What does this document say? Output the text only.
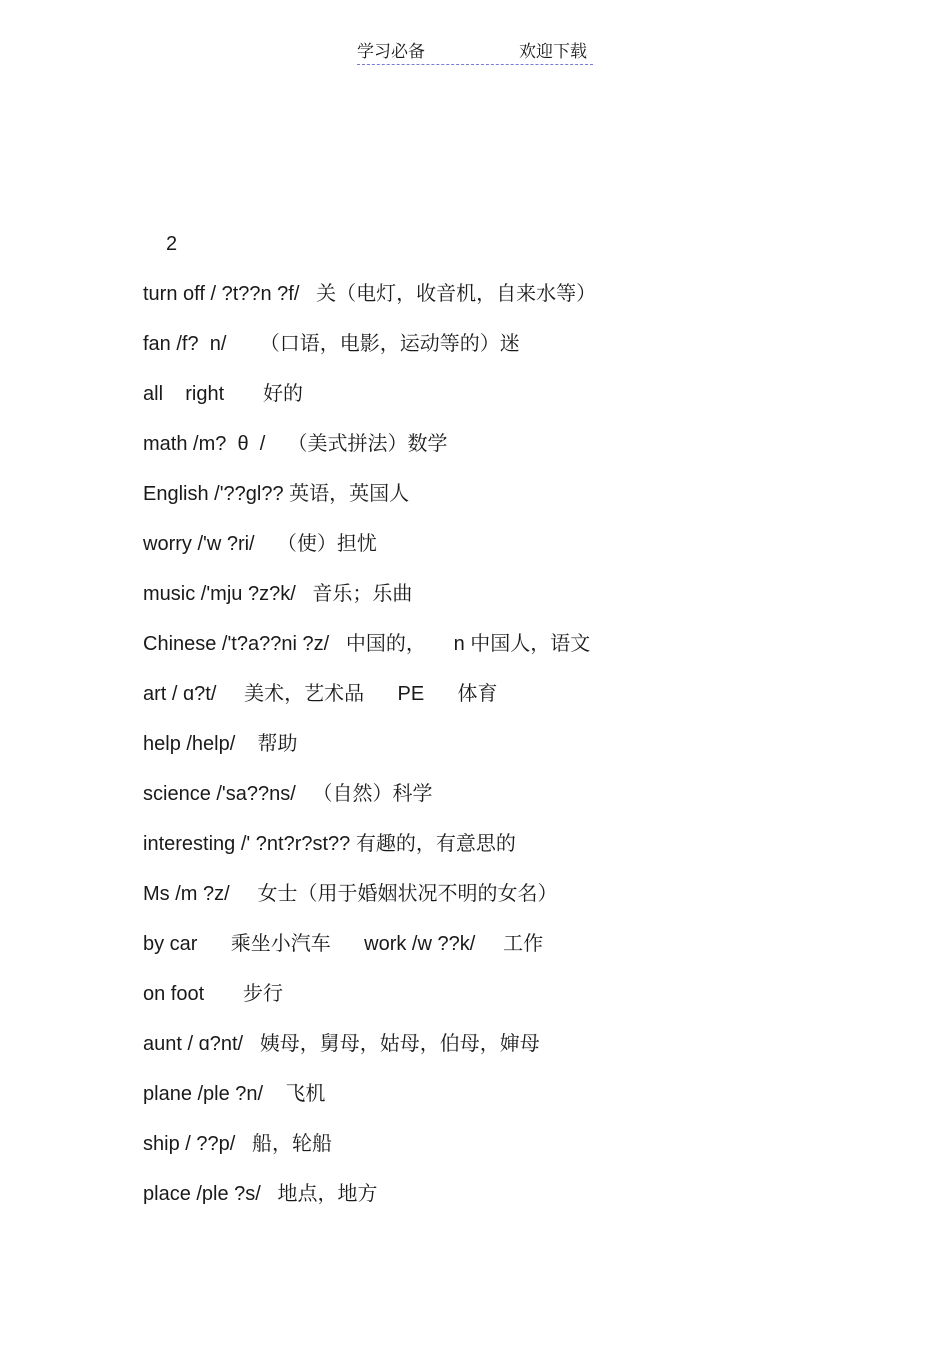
学习必备	欢迎下载
2
turn off / ?t??n ?f/   关（电灯，收音机，自来水等）
fan /f?  n/      （口语，电影，运动等的）迷
all    right       好的
math /m?  θ  /    （美式拼法）数学
English /'??gl?? 英语，英国人
worry /'w ?ri/    （使）担忧
music /'mju ?z?k/   音乐；乐曲
Chinese /'t?a??ni ?z/   中国的，     n 中国人，语文
art / ɑ?t/     美术，艺术品      PE      体育
help /help/    帮助
science /'sa??ns/   （自然）科学
interesting /' ?nt?r?st?? 有趣的，有意思的
Ms /m ?z/     女士（用于婚姻状况不明的女名）
by car      乘坐小汽车      work /w ??k/     工作
on foot       步行
aunt / ɑ?nt/   姨母，舅母，姑母，伯母，婶母
plane /ple ?n/    飞机
ship / ??p/   船，轮船
place /ple ?s/   地点，地方
